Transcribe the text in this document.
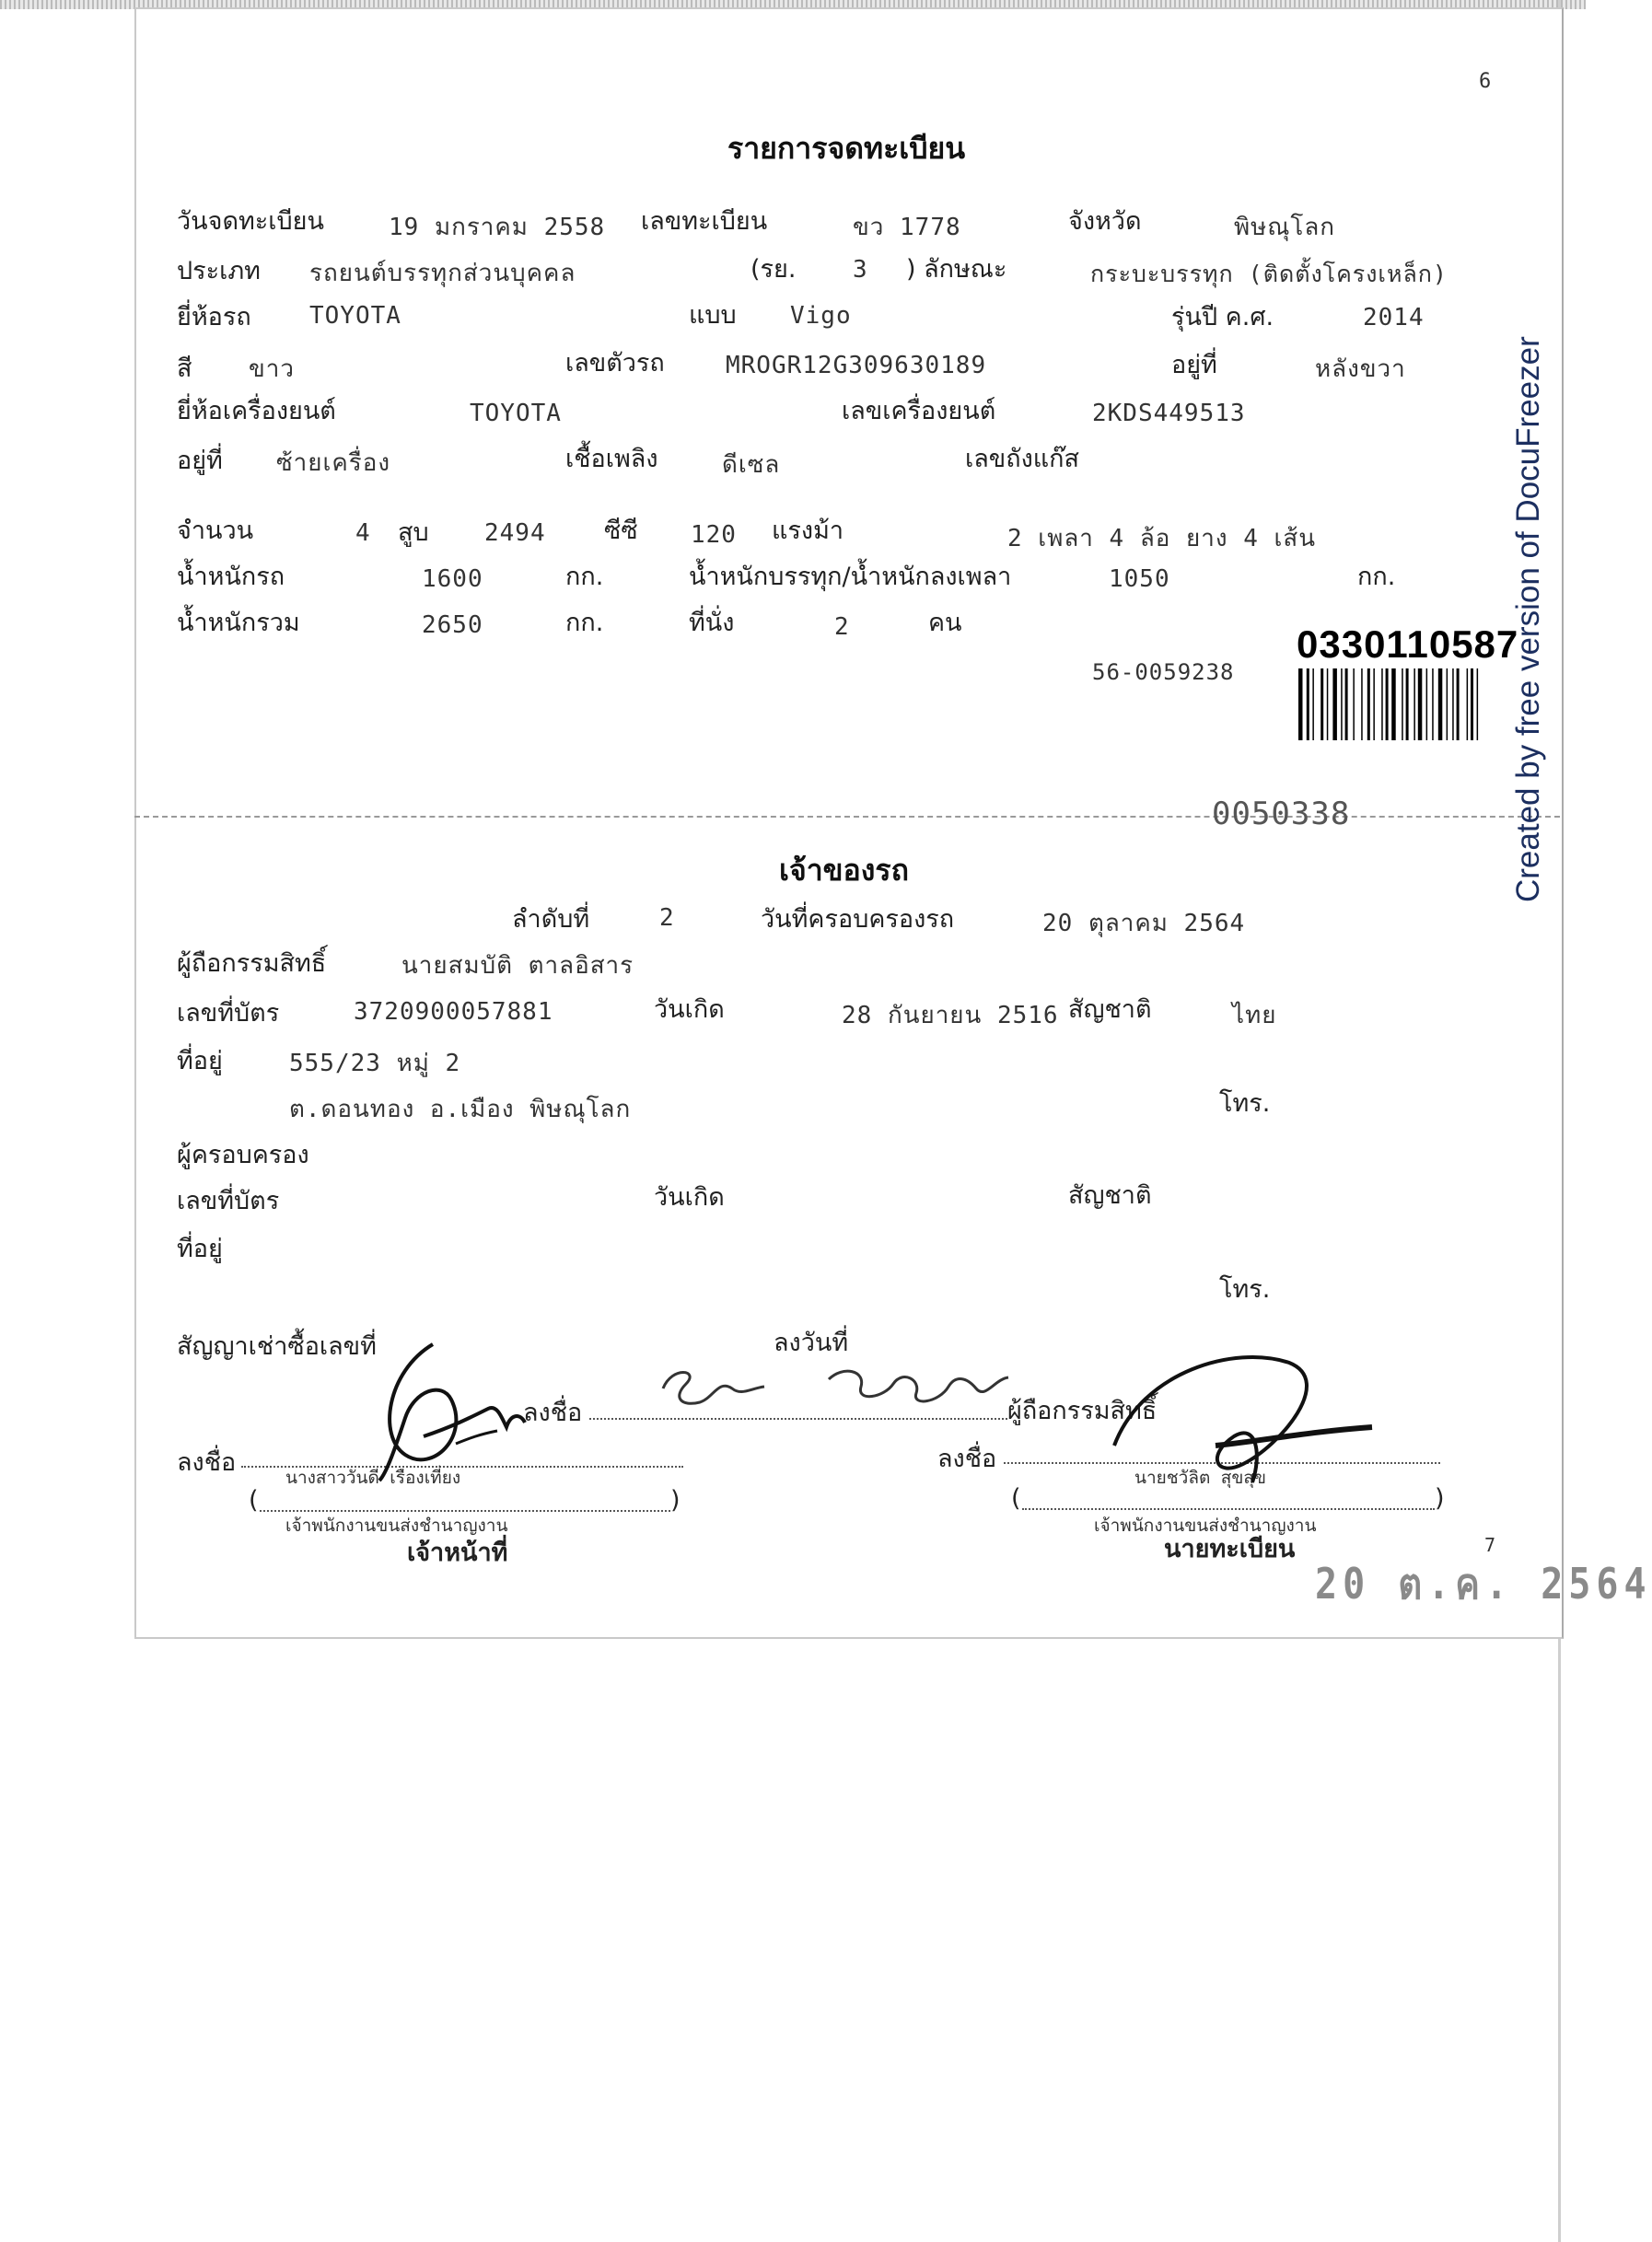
6
รายการจดทะเบียน
วันจดทะเบียน	19 มกราคม 2558 เลขทะเบียน	ขว 1778	จังหวัด	พิษณุโลก
ประเภท รถยนต์บรรทุกส่วนบุคคล	(รย. 3 ) ลักษณะ	กระบะบรรทุก (ติดตั้งโครงเหล็ก)
ยี่ห้อรถ TOYOTA	แบบ Vigo	รุ่นปี ค.ศ.	2014
สี ขาว	เลขตัวรถ	MROGR12G309630189	อยู่ที่	หลังขวา
ยี่ห้อเครื่องยนต์	TOYOTA	เลขเครื่องยนต์	2KDS449513
อยู่ที่ ซ้ายเครื่อง	เชื้อเพลิง	ดีเซล	เลขถังแก๊ส
จำนวน	4 สูบ 2494 ซีซี 120 แรงม้า	2 เพลา 4 ล้อ ยาง 4 เส้น
น้ำหนักรถ	1600	กก.	น้ำหนักบรรทุก/น้ำหนักลงเพลา	1050	กก.
น้ำหนักรวม	2650	กก.	ที่นั่ง	2	คน
56-0059238
0330110587
0050338
เจ้าของรถ
ลำดับที่	2	วันที่ครอบครองรถ	20 ตุลาคม 2564
ผู้ถือกรรมสิทธิ์	นายสมบัติ ตาลอิสาร
เลขที่บัตร	3720900057881	วันเกิด	28 กันยายน 2516 สัญชาติ	ไทย
ที่อยู่	555/23 หมู่ 2
ต.ดอนทอง อ.เมือง พิษณุโลก	โทร.
ผู้ครอบครอง
เลขที่บัตร	วันเกิด	สัญชาติ
ที่อยู่
โทร.
สัญญาเช่าซื้อเลขที่	ลงวันที่
ลงชื่อ	ผู้ถือกรรมสิทธิ์
ลงชื่อ
นางสาววันดี เรืองเที่ยง
(	)
เจ้าพนักงานขนส่งชำนาญงาน
เจ้าหน้าที่
ลงชื่อ
นายชวัลิต สุขสุข
(	)
เจ้าพนักงานขนส่งชำนาญงาน
นายทะเบียน
20 ต.ค. 2564
7
Created by free version of DocuFreezer
